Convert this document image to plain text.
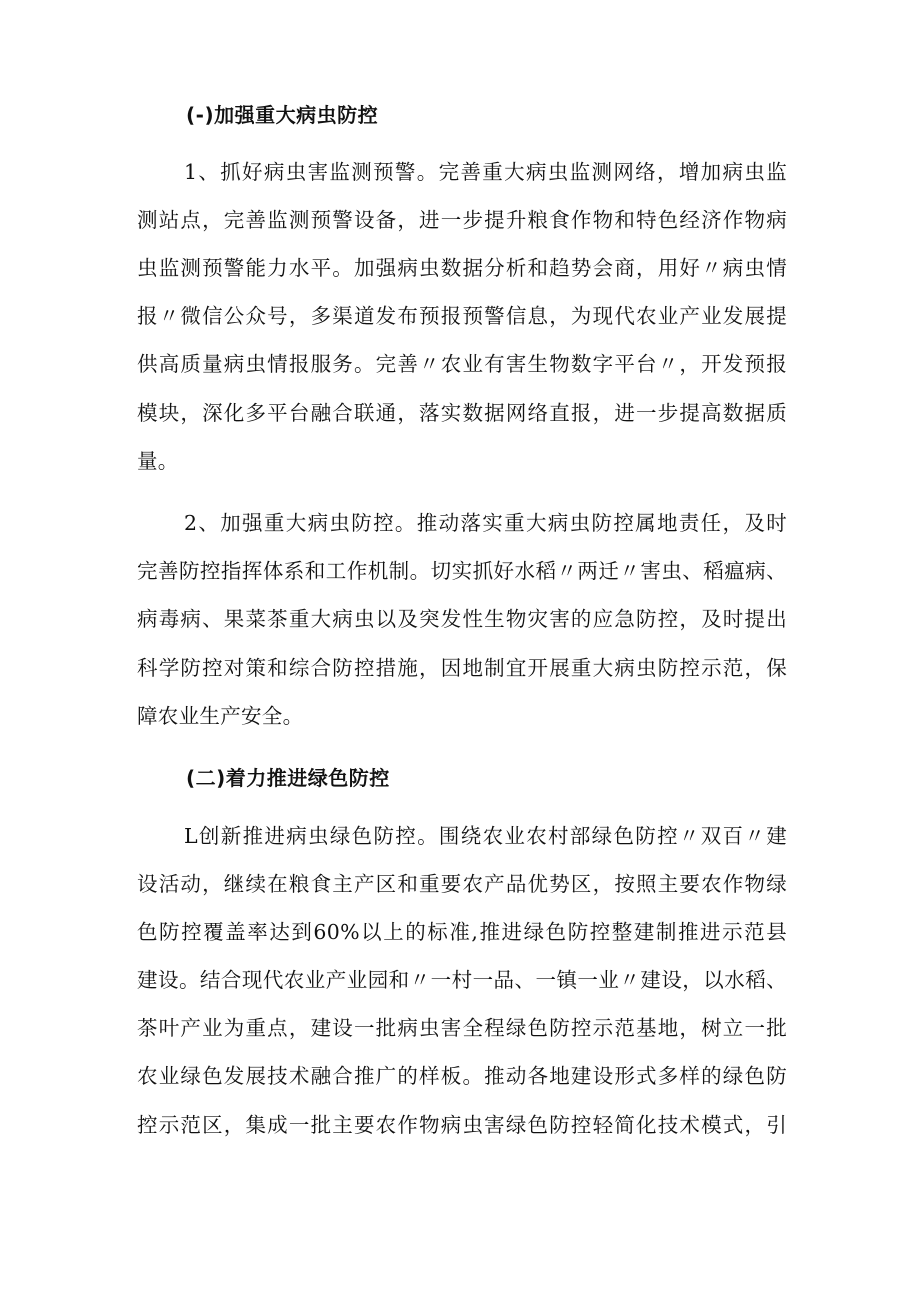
(-)加强重大病虫防控
1、抓好病虫害监测预警。完善重大病虫监测网络，增加病虫监
测站点，完善监测预警设备，进一步提升粮食作物和特色经济作物病
虫监测预警能力水平。加强病虫数据分析和趋势会商，用好〃病虫情
报〃微信公众号，多渠道发布预报预警信息，为现代农业产业发展提
供高质量病虫情报服务。完善〃农业有害生物数字平台〃，开发预报
模块，深化多平台融合联通，落实数据网络直报，进一步提高数据质
量。
2、加强重大病虫防控。推动落实重大病虫防控属地责任，及时
完善防控指挥体系和工作机制。切实抓好水稻〃两迁〃害虫、稻瘟病、
病毒病、果菜茶重大病虫以及突发性生物灾害的应急防控，及时提出
科学防控对策和综合防控措施，因地制宜开展重大病虫防控示范，保
障农业生产安全。
(二)着力推进绿色防控
L创新推进病虫绿色防控。围绕农业农村部绿色防控〃双百〃建
设活动，继续在粮食主产区和重要农产品优势区，按照主要农作物绿
色防控覆盖率达到60%以上的标准,推进绿色防控整建制推进示范县
建设。结合现代农业产业园和〃一村一品、一镇一业〃建设，以水稻、
茶叶产业为重点，建设一批病虫害全程绿色防控示范基地，树立一批
农业绿色发展技术融合推广的样板。推动各地建设形式多样的绿色防
控示范区，集成一批主要农作物病虫害绿色防控轻简化技术模式，引
